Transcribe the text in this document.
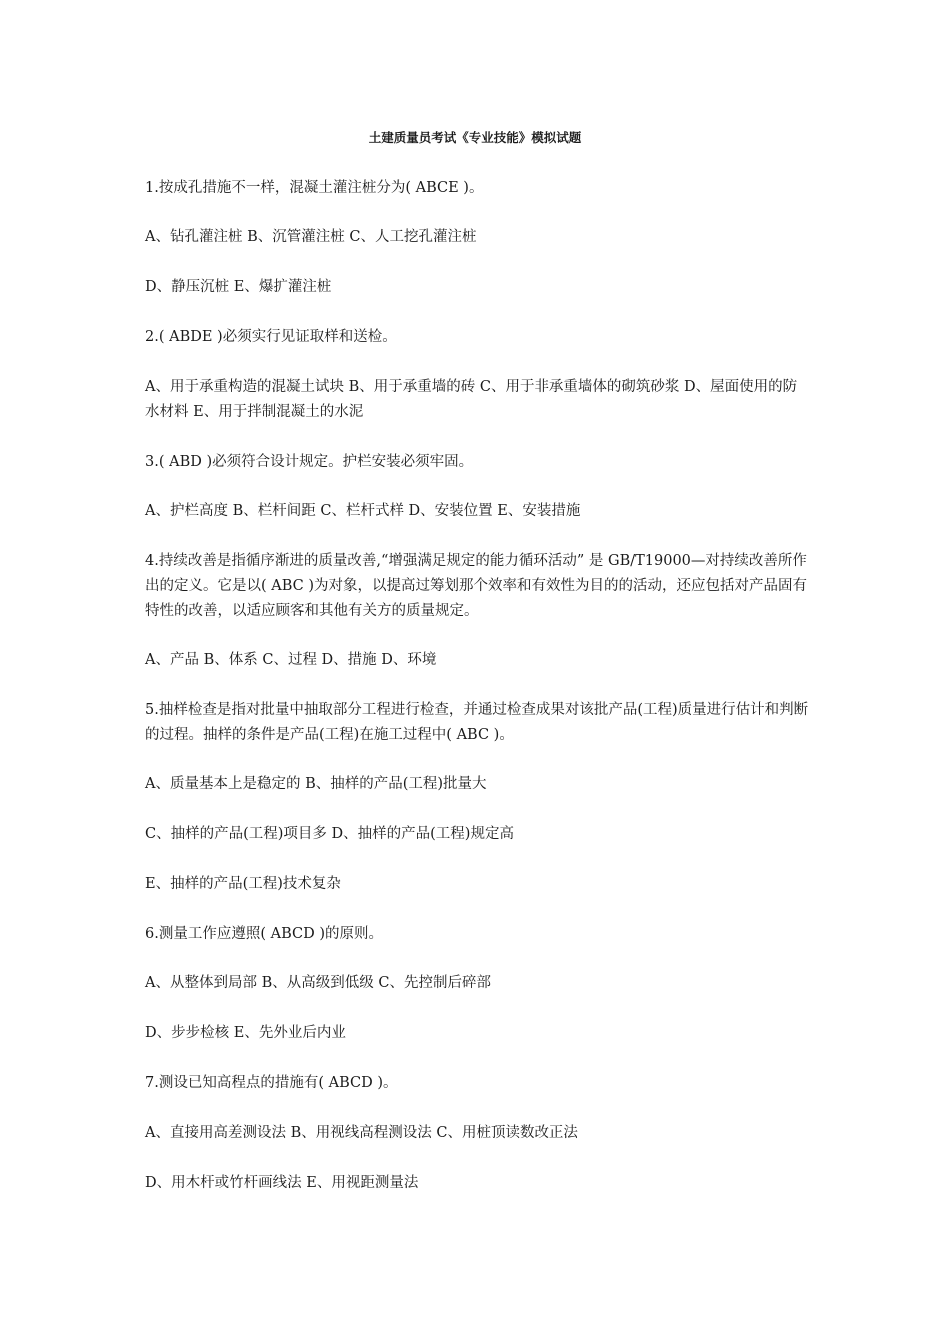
土建质量员考试《专业技能》模拟试题

1.按成孔措施不一样，混凝土灌注桩分为( ABCE )。

A、钻孔灌注桩 B、沉管灌注桩 C、人工挖孔灌注桩

D、静压沉桩 E、爆扩灌注桩

2.( ABDE )必须实行见证取样和送检。

A、用于承重构造的混凝土试块 B、用于承重墙的砖 C、用于非承重墙体的砌筑砂浆 D、屋面使用的防水材料 E、用于拌制混凝土的水泥

3.( ABD )必须符合设计规定。护栏安装必须牢固。

A、护栏高度 B、栏杆间距 C、栏杆式样 D、安装位置 E、安装措施

4.持续改善是指循序渐进的质量改善,“增强满足规定的能力循环活动” 是 GB/T19000—对持续改善所作出的定义。它是以( ABC )为对象，以提高过筹划那个效率和有效性为目的的活动，还应包括对产品固有特性的改善，以适应顾客和其他有关方的质量规定。

A、产品 B、体系 C、过程 D、措施 D、环境

5.抽样检查是指对批量中抽取部分工程进行检查，并通过检查成果对该批产品(工程)质量进行估计和判断的过程。抽样的条件是产品(工程)在施工过程中( ABC )。

A、质量基本上是稳定的 B、抽样的产品(工程)批量大

C、抽样的产品(工程)项目多 D、抽样的产品(工程)规定高

E、抽样的产品(工程)技术复杂

6.测量工作应遵照( ABCD )的原则。

A、从整体到局部 B、从高级到低级 C、先控制后碎部

D、步步检核 E、先外业后内业

7.测设已知高程点的措施有( ABCD )。

A、直接用高差测设法 B、用视线高程测设法 C、用桩顶读数改正法

D、用木杆或竹杆画线法 E、用视距测量法
